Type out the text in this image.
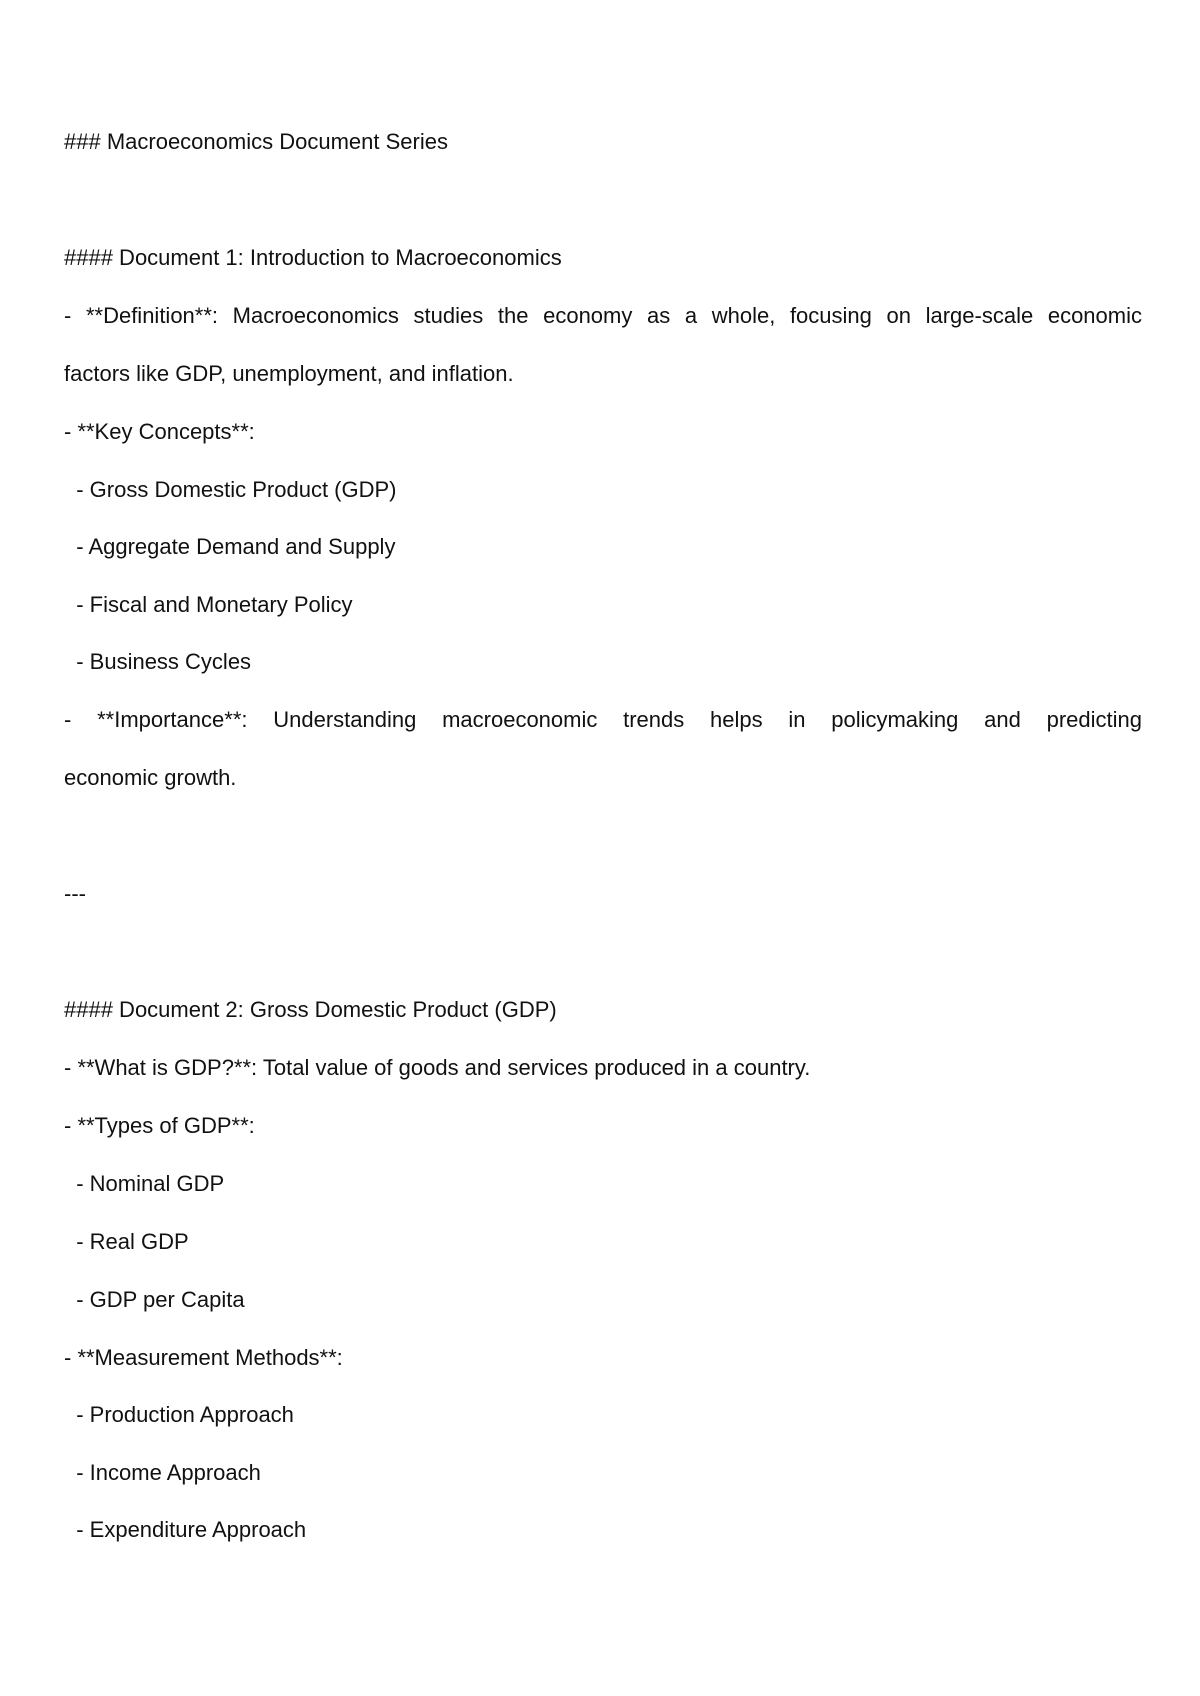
### Macroeconomics Document Series

#### Document 1: Introduction to Macroeconomics

- **Definition**: Macroeconomics studies the economy as a whole, focusing on large-scale economic

factors like GDP, unemployment, and inflation.

- **Key Concepts**:

- Gross Domestic Product (GDP)

- Aggregate Demand and Supply

- Fiscal and Monetary Policy

- Business Cycles

- **Importance**: Understanding macroeconomic trends helps in policymaking and predicting

economic growth.

---

#### Document 2: Gross Domestic Product (GDP)

- **What is GDP?**: Total value of goods and services produced in a country.

- **Types of GDP**:

- Nominal GDP

- Real GDP

- GDP per Capita

- **Measurement Methods**:

- Production Approach

- Income Approach

- Expenditure Approach
